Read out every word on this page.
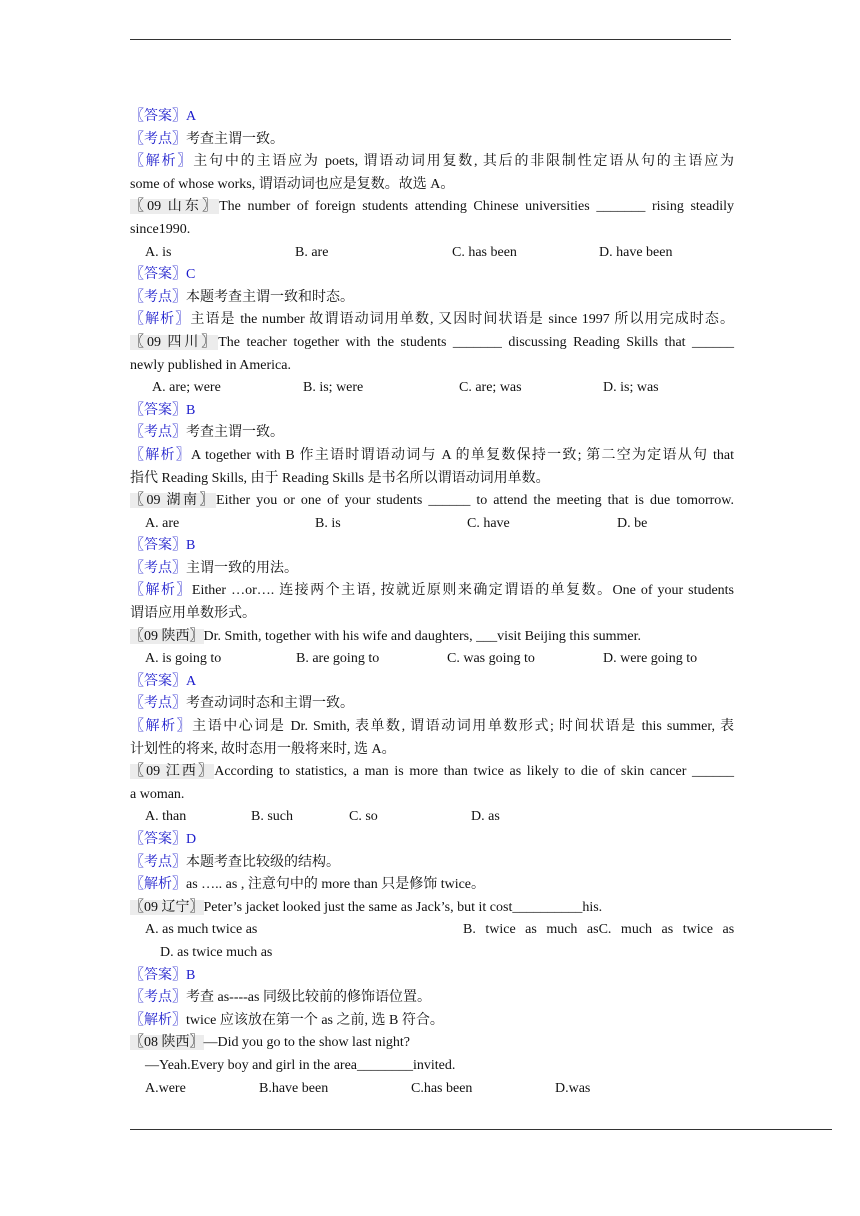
〖答案〗A
〖考点〗考查主谓一致。
〖解析〗主句中的主语应为 poets, 谓语动词用复数, 其后的非限制性定语从句的主语应为
some of whose works, 谓语动词也应是复数。故选 A。
〖09 山东〗The number of foreign students attending Chinese universities _______ rising steadily
since1990.
A. is	B. are	C. has been	D. have been
〖答案〗C
〖考点〗本题考查主谓一致和时态。
〖解析〗主语是 the number 故谓语动词用单数, 又因时间状语是 since 1997 所以用完成时态。
〖09 四川〗The teacher together with the students _______ discussing Reading Skills that ______
newly published in America.
A. are; were	B. is; were	C. are; was	D. is; was
〖答案〗B
〖考点〗考查主谓一致。
〖解析〗A together with B 作主语时谓语动词与 A 的单复数保持一致; 第二空为定语从句 that
指代 Reading Skills, 由于 Reading Skills 是书名所以谓语动词用单数。
〖09 湖南〗Either you or one of your students ______ to attend the meeting that is due tomorrow.
A. are	B. is	C. have	D. be
〖答案〗B
〖考点〗主谓一致的用法。
〖解析〗Either …or…. 连接两个主语, 按就近原则来确定谓语的单复数。One of your students
谓语应用单数形式。
〖09 陕西〗Dr. Smith, together with his wife and daughters, ___visit Beijing this summer.
A. is going to	B. are going to	C. was going to	D. were going to
〖答案〗A
〖考点〗考查动词时态和主谓一致。
〖解析〗主语中心词是 Dr. Smith, 表单数, 谓语动词用单数形式; 时间状语是 this summer, 表
计划性的将来, 故时态用一般将来时, 选 A。
〖09 江西〗According to statistics, a man is more than twice as likely to die of skin cancer ______
a woman.
A. than	B. such	C. so	D. as
〖答案〗D
〖考点〗本题考查比较级的结构。
〖解析〗as ….. as , 注意句中的 more than 只是修饰 twice。
〖09 辽宁〗Peter’s jacket looked just the same as Jack’s, but it cost__________his.
A. as much twice as	B. twice as much asC. much as twice as
D. as twice much as
〖答案〗B
〖考点〗考查 as----as 同级比较前的修饰语位置。
〖解析〗twice 应该放在第一个 as 之前, 选 B 符合。
〖08 陕西〗—Did you go to the show last night?
—Yeah.Every boy and girl in the area________invited.
A.were	B.have been	C.has been	D.was
